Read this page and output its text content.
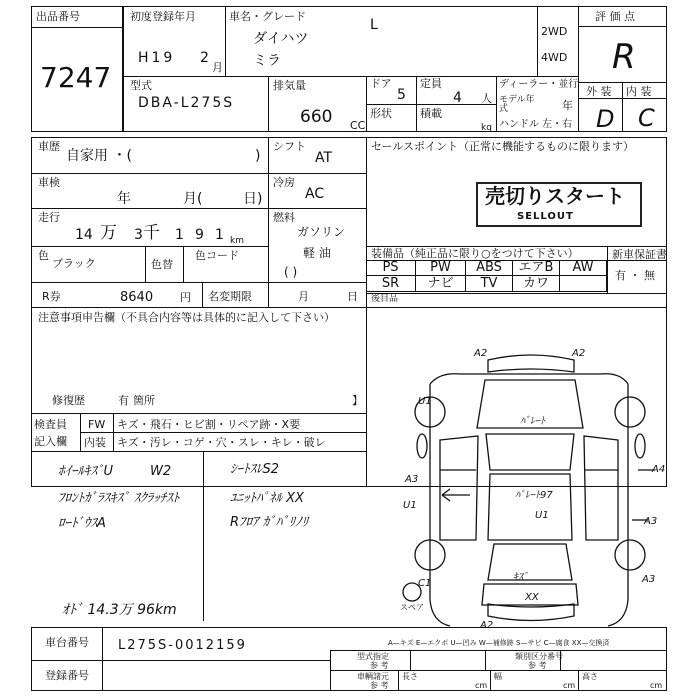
出品番号
7247
初度登録年月
H19 2
月
車名・グレード
L
ダイハツ
ミラ
2WD
4WD
評 価 点
R
外 装 内 装
D C
型式
DBA-L275S
排気量
660 CC
ドア
5
定員
4 人
形状	積載
kg
ディーラー・並行
モデル年式	年
ハンドル 左・右
車歴
自家用 ・(	)
シフト
AT
車検
年	月(	日)
冷房
AC
走行
14 万 3 千 1 9 1 km
燃料
ガソリン
軽 油
( )
色
ブラック	色替
色コード
R券	8640 円 名変期限	月	日
注意事項申告欄（不具合内容等は具体的に記入して下さい）
修復歴	有 箇所	】
検査員
記入欄
FW キズ・飛石・ヒビ割・リペア跡・X要
内装 キズ・汚レ・コゲ・穴・スレ・キレ・破レ
ﾎｲｰﾙｷｽﾞU	W2
ﾌﾛﾝﾄｶﾞﾗｽｷｽﾞ ｽｸﾗｯﾁｽﾄ
ﾛｰﾄﾞｳｽA
ｼｰﾄｽﾚS2
ﾕﾆｯﾄﾊﾟﾈﾙ XX
Rﾌﾛｱ ｶﾞﾊﾞﾘﾉﾘ
ｵﾄﾞ 14.3万 96km
セールスポイント（正常に機能するものに限ります）
売切りスタート
SELLOUT
装備品（純正品に限り○をつけて下さい）	新車保証書
有 ・ 無
PS	PW	ABS	エアB	AW
SR	ナビ	TV	カワ
後目品
A2	A2
U1
A3
U1
A4
A3
C1	A3
A2
U1
ﾊﾟﾚｰﾄ
ﾊﾟﾚｰﾄ97
ｷｽﾞ
XX
スペア
車台番号 L275S-0012159
登録番号
A—キズ E—エクボ U—凹み W—補修跡 S—サビ C—腐食 XX—交換済
型式指定
参 考
類別区分番号
参 考
車輌諸元
参 考
長さ
cm
幅
cm
高さ
cm
